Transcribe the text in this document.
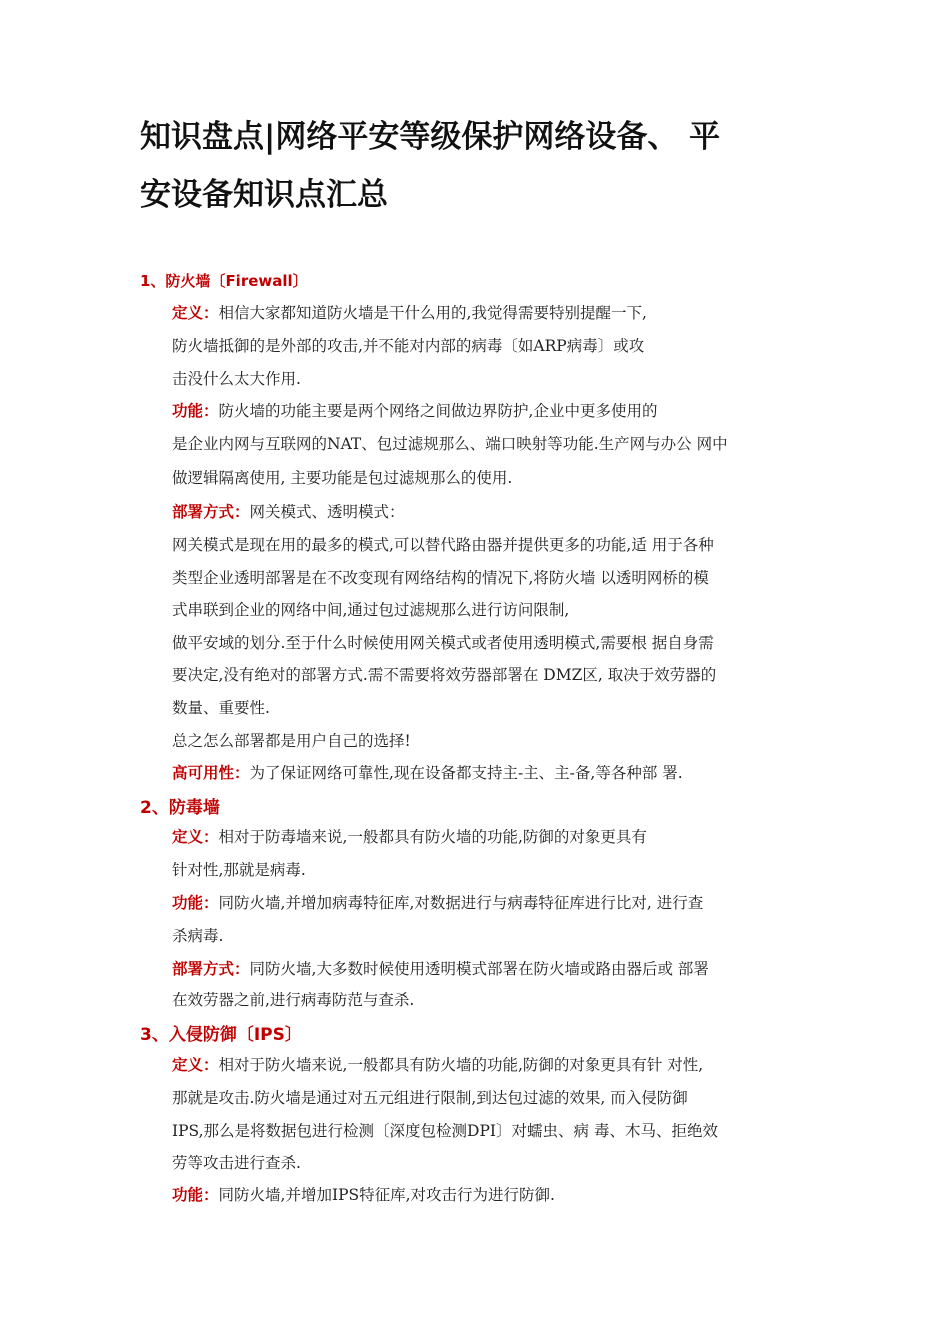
知识盘点|网络平安等级保护网络设备、 平
安设备知识点汇总
1、防火墙〔Firewall〕
定义：相信大家都知道防火墙是干什么用的,我觉得需要特别提醒一下,
防火墙抵御的是外部的攻击,并不能对内部的病毒〔如ARP病毒〕或攻
击没什么太大作用.
功能：防火墙的功能主要是两个网络之间做边界防护,企业中更多使用的
是企业内网与互联网的NAT、包过滤规那么、端口映射等功能.生产网与办公 网中
做逻辑隔离使用, 主要功能是包过滤规那么的使用.
部署方式：网关模式、透明模式：
网关模式是现在用的最多的模式,可以替代路由器并提供更多的功能,适 用于各种
类型企业透明部署是在不改变现有网络结构的情况下,将防火墙 以透明网桥的模
式串联到企业的网络中间,通过包过滤规那么进行访问限制,
做平安域的划分.至于什么时候使用网关模式或者使用透明模式,需要根 据自身需
要决定,没有绝对的部署方式.需不需要将效劳器部署在 DMZ区, 取决于效劳器的
数量、重要性.
总之怎么部署都是用户自己的选择!
高可用性：为了保证网络可靠性,现在设备都支持主-主、主-备,等各种部 署.
2、防毒墙
定义：相对于防毒墙来说,一般都具有防火墙的功能,防御的对象更具有
针对性,那就是病毒.
功能：同防火墙,并增加病毒特征库,对数据进行与病毒特征库进行比对, 进行查
杀病毒.
部署方式：同防火墙,大多数时候使用透明模式部署在防火墙或路由器后或 部署
在效劳器之前,进行病毒防范与查杀.
3、入侵防御〔IPS〕
定义：相对于防火墙来说,一般都具有防火墙的功能,防御的对象更具有针 对性,
那就是攻击.防火墙是通过对五元组进行限制,到达包过滤的效果, 而入侵防御
IPS,那么是将数据包进行检测〔深度包检测DPI〕对蠕虫、病 毒、木马、拒绝效
劳等攻击进行查杀.
功能：同防火墙,并增加IPS特征库,对攻击行为进行防御.
